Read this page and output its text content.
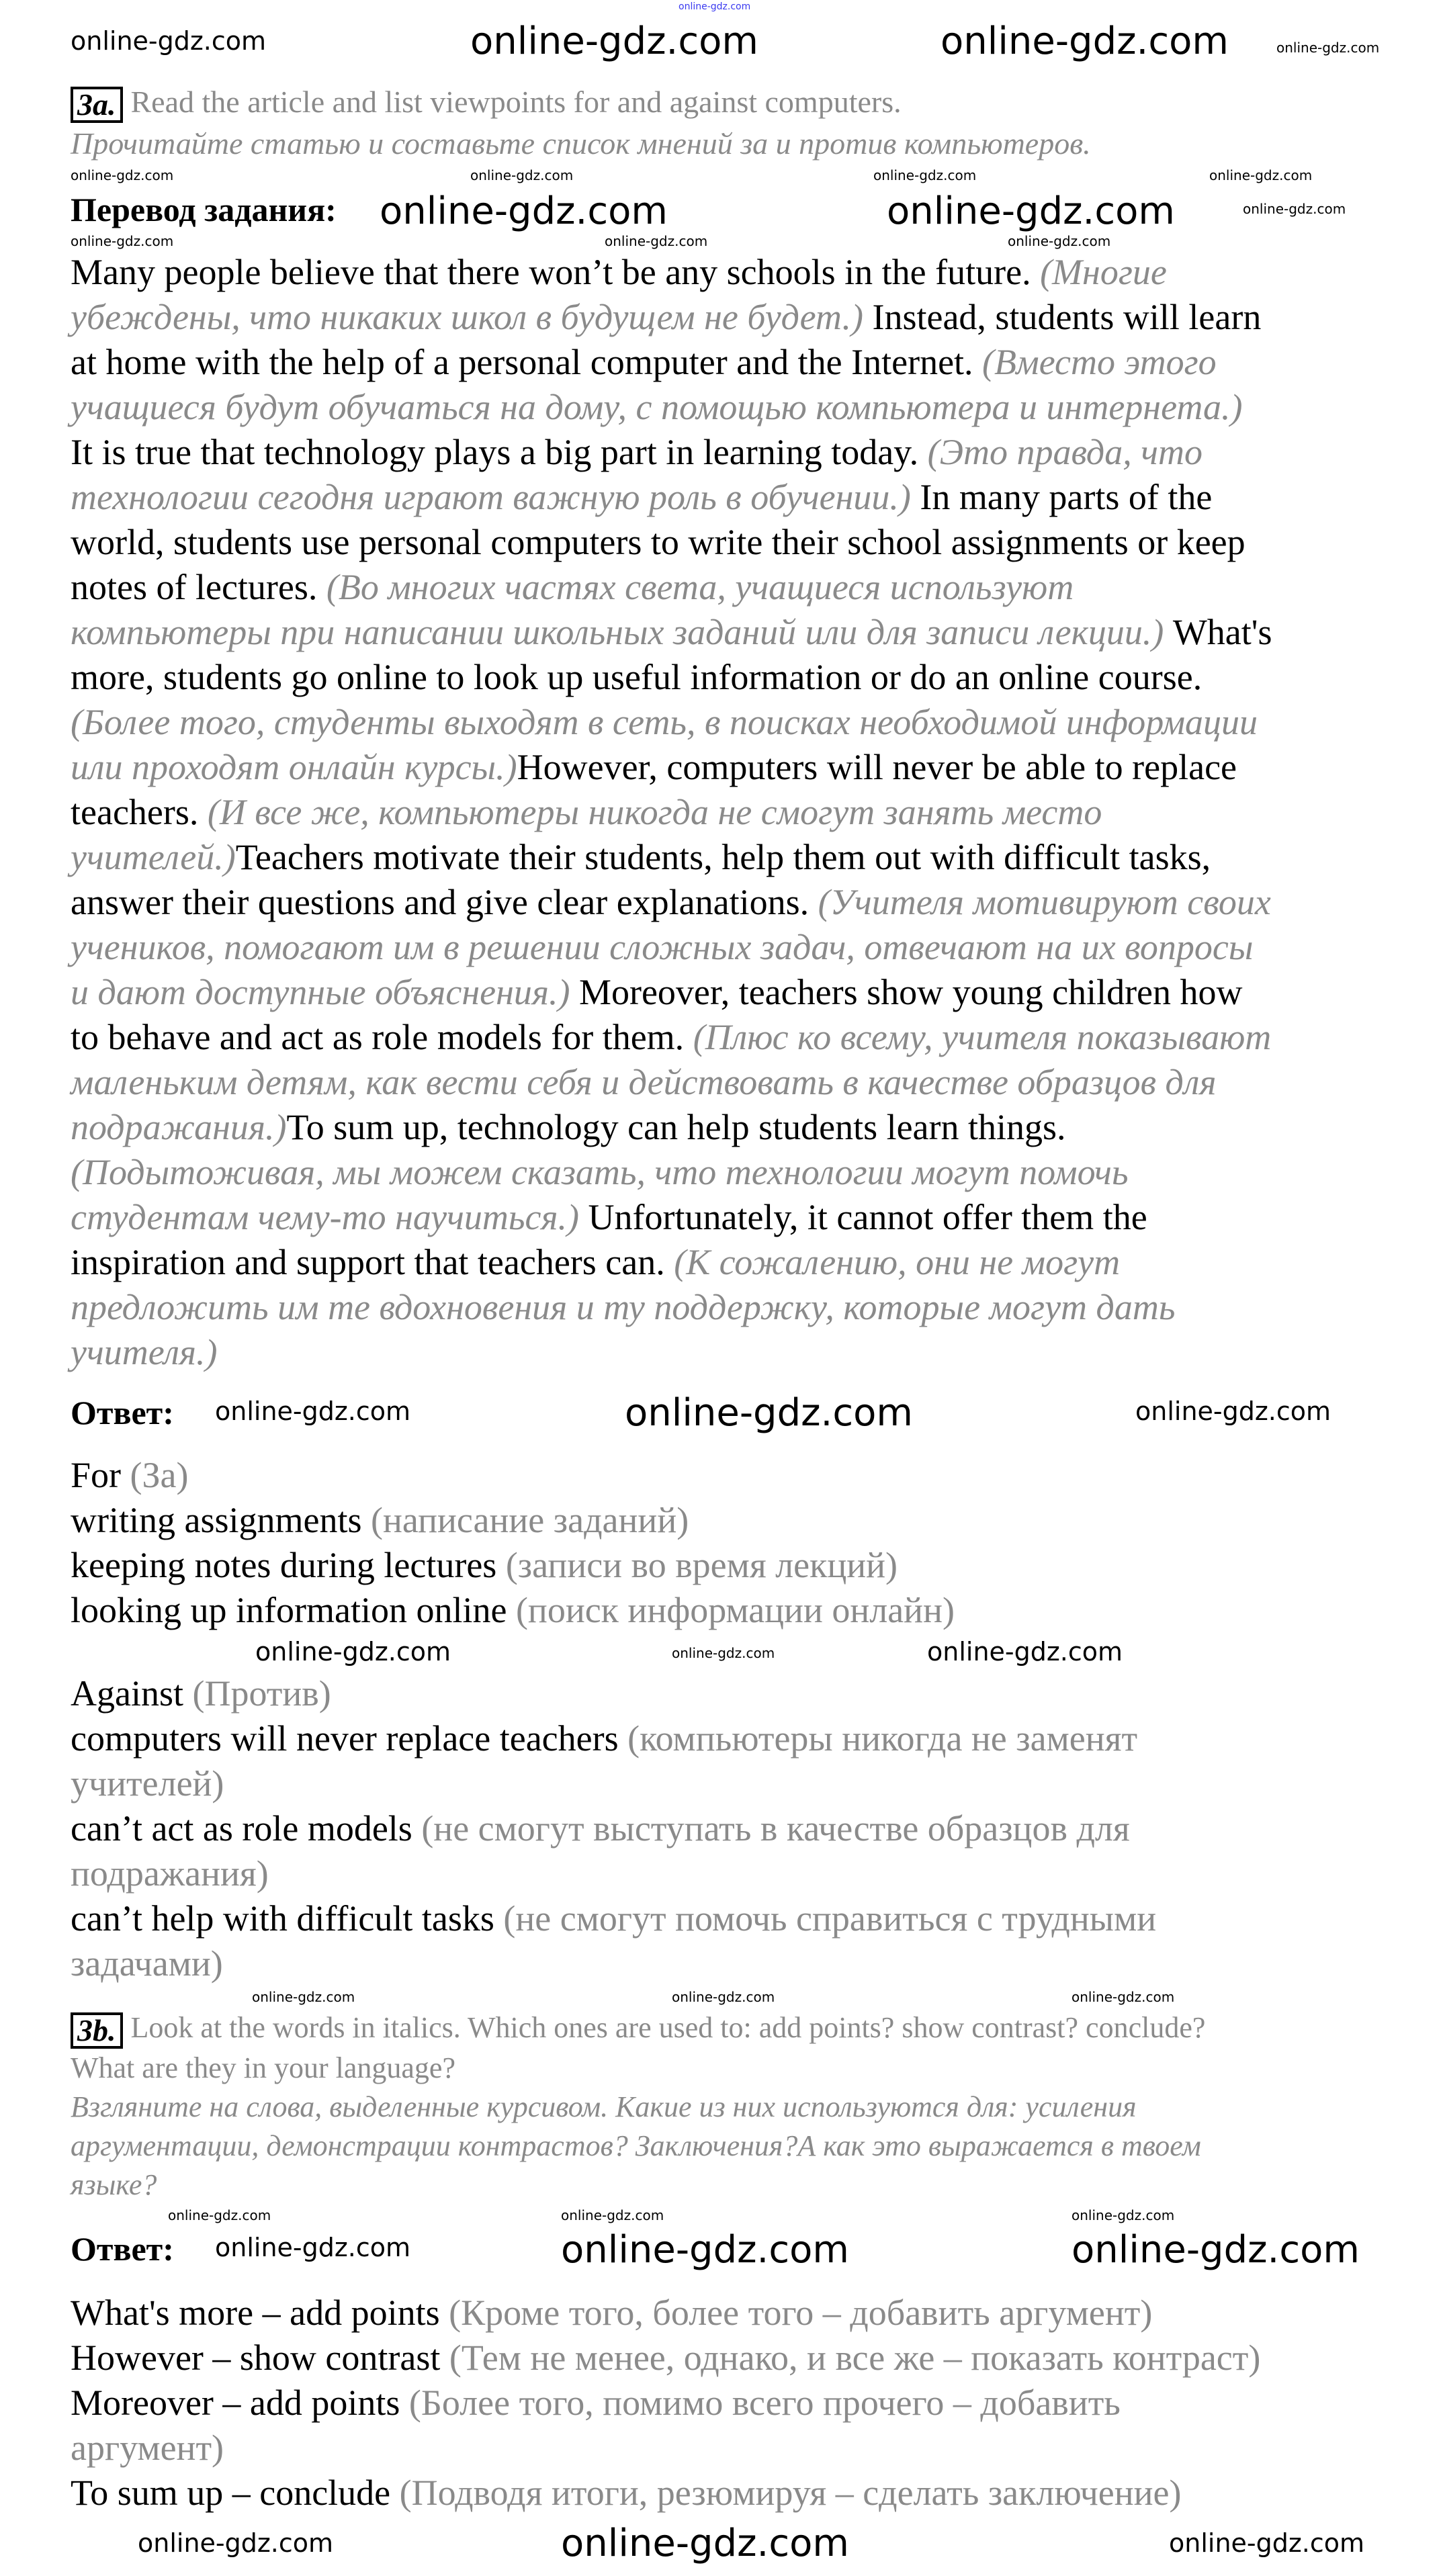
online-gdz.com
3a. Read the article and list viewpoints for and against computers.
Прочитайте статью и составьте список мнений за и против компьютеров.
Перевод задания:
Many people believe that there won’t be any schools in the future. (Многие
убеждены, что никаких школ в будущем не будет.) Instead, students will learn
at home with the help of a personal computer and the Internet. (Вместо этого
учащиеся будут обучаться на дому, с помощью компьютера и интернета.)
It is true that technology plays a big part in learning today. (Это правда, что
технологии сегодня играют важную роль в обучении.) In many parts of the
world, students use personal computers to write their school assignments or keep
notes of lectures. (Во многих частях света, учащиеся используют
компьютеры при написании школьных заданий или для записи лекции.) What's
more, students go online to look up useful information or do an online course.
(Более того, студенты выходят в сеть, в поисках необходимой информации
или проходят онлайн курсы.)However, computers will never be able to replace
teachers. (И все же, компьютеры никогда не смогут занять место
учителей.)Teachers motivate their students, help them out with difficult tasks,
answer their questions and give clear explanations. (Учителя мотивируют своих
учеников, помогают им в решении сложных задач, отвечают на их вопросы
и дают доступные объяснения.) Moreover, teachers show young children how
to behave and act as role models for them. (Плюс ко всему, учителя показывают
маленьким детям, как вести себя и действовать в качестве образцов для
подражания.)To sum up, technology can help students learn things.
(Подытоживая, мы можем сказать, что технологии могут помочь
студентам чему-то научиться.) Unfortunately, it cannot offer them the
inspiration and support that teachers can. (К сожалению, они не могут
предложить им те вдохновения и ту поддержку, которые могут дать
учителя.)
Ответ:
For (За)
writing assignments (написание заданий)
keeping notes during lectures (записи во время лекций)
looking up information online (поиск информации онлайн)
Against (Против)
computers will never replace teachers (компьютеры никогда не заменят
учителей)
can’t act as role models (не смогут выступать в качестве образцов для
подражания)
can’t help with difficult tasks (не смогут помочь справиться с трудными
задачами)
3b. Look at the words in italics. Which ones are used to: add points? show contrast? conclude?
What are they in your language?
Взгляните на слова, выделенные курсивом. Какие из них используются для: усиления
аргументации, демонстрации контрастов? Заключения?А как это выражается в твоем
языке?
Ответ:
What's more – add points (Кроме того, более того – добавить аргумент)
However – show contrast (Тем не менее, однако, и все же – показать контраст)
Moreover – add points (Более того, помимо всего прочего – добавить
аргумент)
To sum up – conclude (Подводя итоги, резюмируя – сделать заключение)
online-gdz.com	online-gdz.com	online-gdz.com	online-gdz.com
online-gdz.com	online-gdz.com	online-gdz.com	online-gdz.com
online-gdz.com	online-gdz.com	online-gdz.com
online-gdz.com	online-gdz.com	online-gdz.com
online-gdz.com	online-gdz.com	online-gdz.com
online-gdz.com	online-gdz.com	online-gdz.com
online-gdz.com	online-gdz.com	online-gdz.com
online-gdz.com	online-gdz.com	online-gdz.com
online-gdz.com	online-gdz.com	online-gdz.com
online-gdz.com	online-gdz.com	online-gdz.com
